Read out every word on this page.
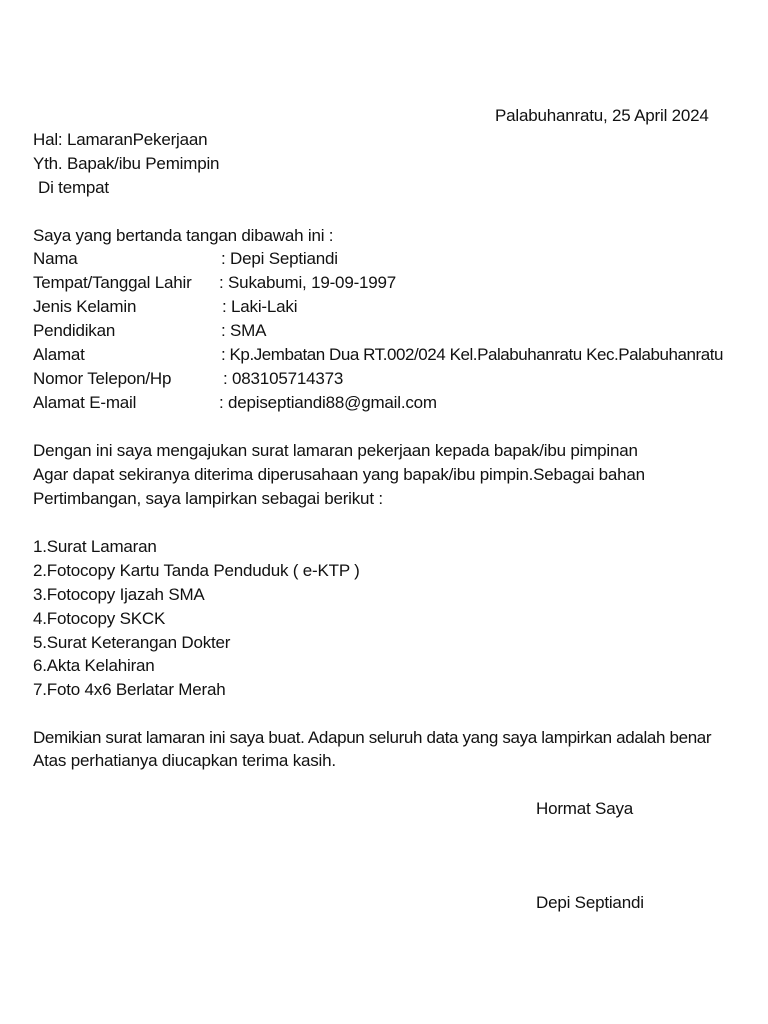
Palabuhanratu, 25 April 2024
Hal: LamaranPekerjaan
Yth. Bapak/ibu Pemimpin
Di tempat
Saya yang bertanda tangan dibawah ini :
Nama	: Depi Septiandi
Tempat/Tanggal Lahir : Sukabumi, 19-09-1997
Jenis Kelamin	: Laki-Laki
Pendidikan	: SMA
Alamat	: Kp.Jembatan Dua RT.002/024 Kel.Palabuhanratu Kec.Palabuhanratu
Nomor Telepon/Hp	: 083105714373
Alamat E-mail	: depiseptiandi88@gmail.com
Dengan ini saya mengajukan surat lamaran pekerjaan kepada bapak/ibu pimpinan
Agar dapat sekiranya diterima diperusahaan yang bapak/ibu pimpin.Sebagai bahan
Pertimbangan, saya lampirkan sebagai berikut :
1.Surat Lamaran
2.Fotocopy Kartu Tanda Penduduk ( e-KTP )
3.Fotocopy Ijazah SMA
4.Fotocopy SKCK
5.Surat Keterangan Dokter
6.Akta Kelahiran
7.Foto 4x6 Berlatar Merah
Demikian surat lamaran ini saya buat. Adapun seluruh data yang saya lampirkan adalah benar
Atas perhatianya diucapkan terima kasih.
Hormat Saya
Depi Septiandi
